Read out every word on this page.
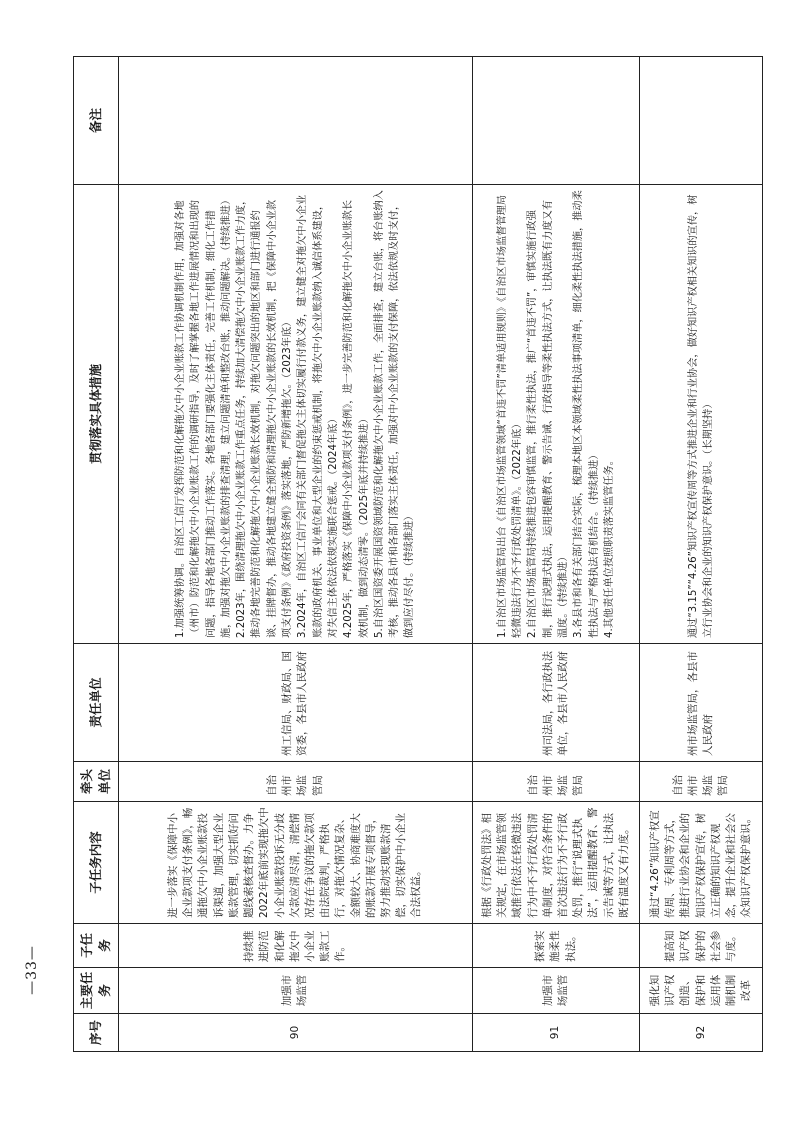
序号	主要任务	子任务	子任务内容	牵头单位	责任单位	贯彻落实具体措施	备注
90	加强市场监管	持续推进防范和化解拖欠中小企业账款工作。	进一步落实《保障中小企业款项支付条例》，畅通拖欠中小企业账款投诉渠道，加强大型企业账款管理，切实抓好问题线索核查督办。力争2022年底前实现拖欠中小企业账款投诉无分歧欠款应清尽清，清偿情况存在争议的拖欠款项由法院裁判，严格执行，对拖欠情况复杂、金额较大、协商难度大的账款开展专项督导，努力推动实现账款清偿，切实保护中小企业合法权益。	自治州市场监管局	州工信局、财政局、国资委，各县市人民政府	1.加强统筹协调。自治区工信厅发挥防范和化解拖欠中小企业账款工作协调机制作用，加强对各地（州市）防范和化解拖欠中小企业账款工作的调研指导，及时了解掌握各地工作进展情况和出现的问题，指导各地各部门推动工作落实。各地各部门要强化主体责任，完善工作机制，细化工作措施，加强对拖欠中小企业账款的排查清理，建立问题清单和整改台账，推动问题解决。（持续推进） 2.2023年，围绕清理拖欠中小企业账款工作重点任务，持续加大清偿拖欠中小企业账款工作力度，推动各地完善防范和化解拖欠中小企业账款长效机制，对拖欠问题突出的地区和部门进行通报约谈、挂牌督办，推动各地建立健全预防和清理拖欠中小企业账款的长效机制，把《保障中小企业款项支付条例》《政府投资条例》落实落地，严防新增拖欠。（2023年底） 3.2024年，自治区工信厅会同有关部门督促拖欠主体切实履行付款义务，建立健全对拖欠中小企业账款的政府机关、事业单位和大型企业的约束惩戒机制，将拖欠中小企业账款纳入诚信体系建设，对失信主体依法依规实施联合惩戒。（2024年底） 4.2025年，严格落实《保障中小企业款项支付条例》，进一步完善防范和化解拖欠中小企业账款长效机制，做到动态清零。（2025年底并持续推进） 5.自治区国资委开展国资领域防范和化解拖欠中小企业账款工作，全面排查，建立台账，将台账纳入考核，推动各县市和各部门落实主体责任，加强对中小企业账款的支付保障，依法依规及时支付，做到应付尽付。（持续推进）	

91	加强市场监管	探索实施柔性执法。	根据《行政处罚法》相关规定，在市场监管领域推行依法在轻微违法行为中不予行政处罚清单制度，对符合条件的首次违法行为不予行政处罚，推行“说理式执法”，运用提醒教育、警示告诫等方式，让执法既有温度又有力度。	自治州市场监管局	州司法局，各行政执法单位，各县市人民政府	1.自治区市场监管局出台《自治区市场监管领域“首违不罚”清单适用规则》《自治区市场监督管理局轻微违法行为不予行政处罚清单》。（2022年底） 2.自治区市场监管局持续推进包容审慎监管，推行柔性执法，推广“首违不罚”，审慎实施行政强制，推行说理式执法，运用提醒教育、警示告诫、行政指导等柔性执法方式，让执法既有力度又有温度。（持续推进） 3.各县市和各有关部门结合实际，梳理本地区本领域柔性执法事项清单，细化柔性执法措施，推动柔性执法与严格执法有机结合。（持续推进） 4.其他责任单位按照职责落实监管任务。	

92	强化知识产权创造、保护和运用体制机制改革	提高知识产权保护的社会参与度。	通过“4.26”知识产权宣传周、专利周等方式，推进行业协会和企业的知识产权保护宣传，树立正确的知识产权观念，提升企业和社会公众知识产权保护意识。	自治州市场监管局	州市场监管局，各县市人民政府	通过“3.15”“4.26”知识产权宣传周等方式推进企业和行业协会，做好知识产权相关知识的宣传，树立行业协会和企业的知识产权保护意识。（长期坚持）	

—33—
